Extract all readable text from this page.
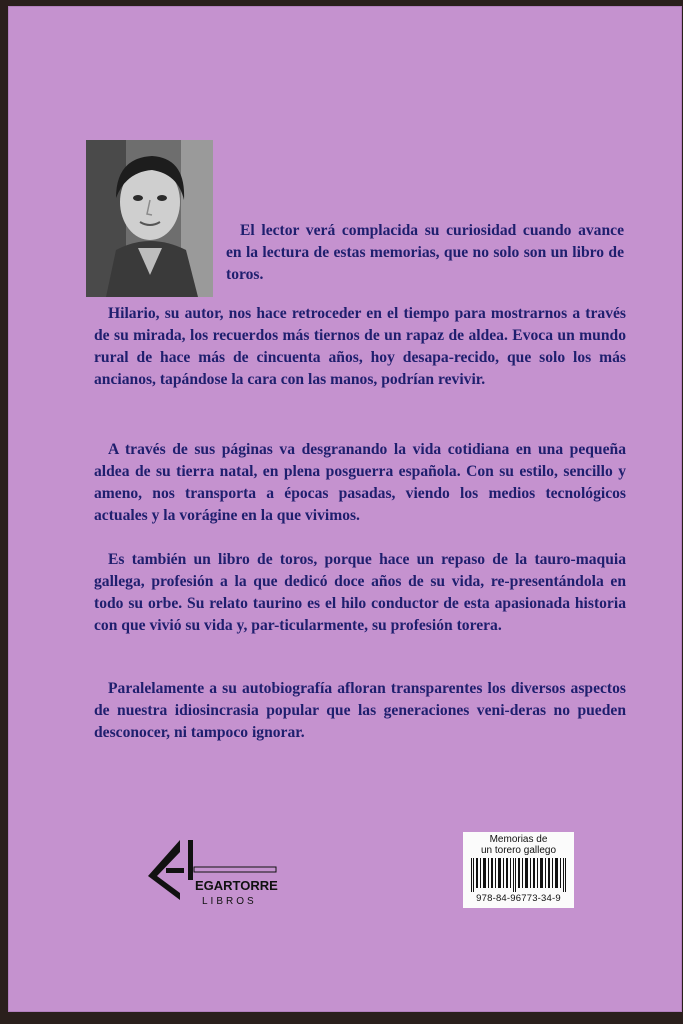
El lector verá complacida su curiosidad cuando avance en la lectura de estas memorias, que no solo son un libro de toros.
Hilario, su autor, nos hace retroceder en el tiempo para mostrarnos a través de su mirada, los recuerdos más tiernos de un rapaz de aldea. Evoca un mundo rural de hace más de cincuenta años, hoy desapa-recido, que solo los más ancianos, tapándose la cara con las manos, podrían revivir.
A través de sus páginas va desgranando la vida cotidiana en una pequeña aldea de su tierra natal, en plena posguerra española. Con su estilo, sencillo y ameno, nos transporta a épocas pasadas, viendo los medios tecnológicos actuales y la vorágine en la que vivimos.
Es también un libro de toros, porque hace un repaso de la tauro-maquia gallega, profesión a la que dedicó doce años de su vida, re-presentándola en todo su orbe. Su relato taurino es el hilo conductor de esta apasionada historia con que vivió su vida y, par-ticularmente, su profesión torera.
Paralelamente a su autobiografía afloran transparentes los diversos aspectos de nuestra idiosincrasia popular que las generaciones veni-deras no pueden desconocer, ni tampoco ignorar.
EGARTORRE
LIBROS
Memorias de
un torero gallego
978-84-96773-34-9
